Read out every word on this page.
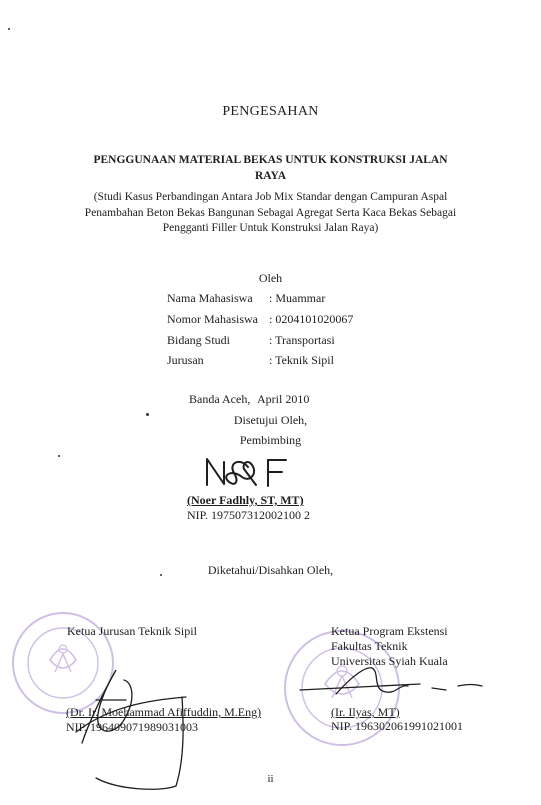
PENGESAHAN
PENGGUNAAN MATERIAL BEKAS UNTUK KONSTRUKSI JALAN RAYA
(Studi Kasus Perbandingan Antara Job Mix Standar dengan Campuran Aspal Penambahan Beton Bekas Bangunan Sebagai Agregat Serta Kaca Bekas Sebagai Pengganti Filler Untuk Konstruksi Jalan Raya)
Oleh
Nama Mahasiswa : Muammar
Nomor Mahasiswa : 0204101020067
Bidang Studi	: Transportasi
Jurusan	: Teknik Sipil
Banda Aceh, April 2010
Disetujui Oleh,
Pembimbing
(Noer Fadhly, ST, MT)
NIP. 197507312002100 2
Diketahui/Disahkan Oleh,
Ketua Jurusan Teknik Sipil
(Dr. Ir. Moehammad Afiffuddin, M.Eng)
NIP. 196409071989031003
Ketua Program Ekstensi
Fakultas Teknik
Universitas Syiah Kuala
(Ir. Ilyas, MT)
NIP. 196302061991021001
ii
